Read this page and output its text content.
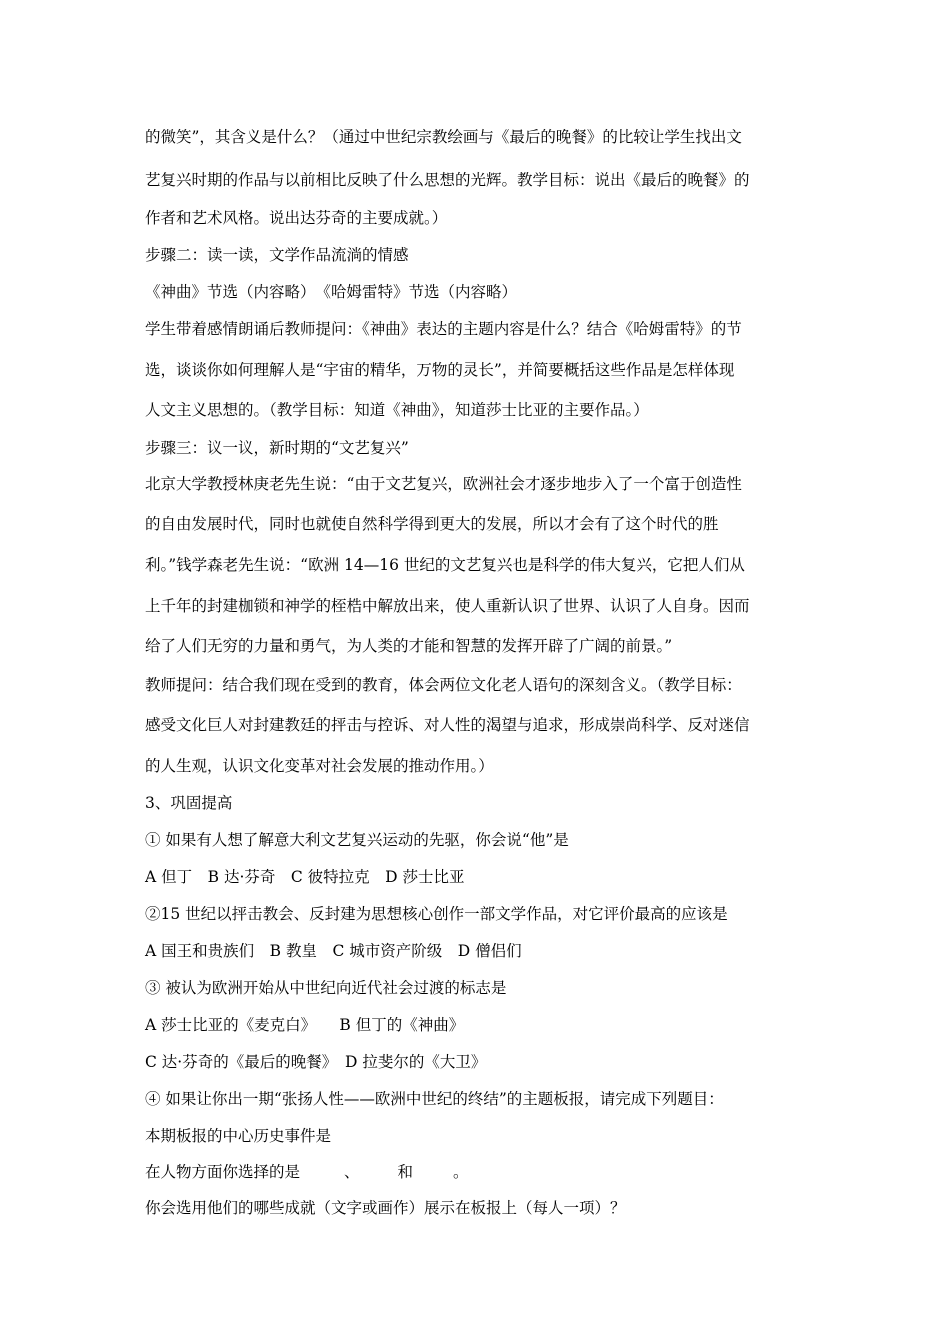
的微笑”，其含义是什么？（通过中世纪宗教绘画与《最后的晚餐》的比较让学生找出文
艺复兴时期的作品与以前相比反映了什么思想的光辉。教学目标：说出《最后的晚餐》的
作者和艺术风格。说出达芬奇的主要成就。）
步骤二：读一读，文学作品流淌的情感
《神曲》节选（内容略）　《哈姆雷特》节选（内容略）
学生带着感情朗诵后教师提问：《神曲》表达的主题内容是什么？结合《哈姆雷特》的节
选，谈谈你如何理解人是“宇宙的精华，万物的灵长”，并简要概括这些作品是怎样体现
人文主义思想的。（教学目标：知道《神曲》，知道莎士比亚的主要作品。）
步骤三：议一议，新时期的“文艺复兴”
北京大学教授林庚老先生说：“由于文艺复兴，欧洲社会才逐步地步入了一个富于创造性
的自由发展时代，同时也就使自然科学得到更大的发展，所以才会有了这个时代的胜
利。”钱学森老先生说：“欧洲 14—16 世纪的文艺复兴也是科学的伟大复兴，它把人们从
上千年的封建枷锁和神学的桎梏中解放出来，使人重新认识了世界、认识了人自身。因而
给了人们无穷的力量和勇气，为人类的才能和智慧的发挥开辟了广阔的前景。”
教师提问：结合我们现在受到的教育，体会两位文化老人语句的深刻含义。（教学目标：
感受文化巨人对封建教廷的抨击与控诉、对人性的渴望与追求，形成崇尚科学、反对迷信
的人生观，认识文化变革对社会发展的推动作用。）
3、巩固提高
① 如果有人想了解意大利文艺复兴运动的先驱，你会说“他”是
A 但丁　B 达·芬奇　C 彼特拉克　D 莎士比亚
②15 世纪以抨击教会、反封建为思想核心创作一部文学作品，对它评价最高的应该是
A 国王和贵族们　B 教皇　C 城市资产阶级　D 僧侣们
③ 被认为欧洲开始从中世纪向近代社会过渡的标志是
A 莎士比亚的《麦克白》　　B 但丁的《神曲》
C 达·芬奇的《最后的晚餐》　D 拉斐尔的《大卫》
④ 如果让你出一期“张扬人性——欧洲中世纪的终结”的主题板报，请完成下列题目：
本期板报的中心历史事件是
在人物方面你选择的是	、 和	。
你会选用他们的哪些成就（文字或画作）展示在板报上（每人一项）？
